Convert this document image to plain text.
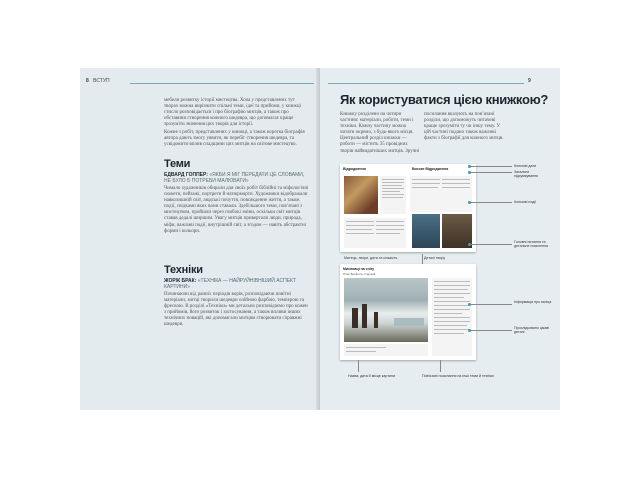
8 ВСТУП
мебели розвитку історії мистецтва. Хоча у представлених тут творах можна вирізнити спільні теми, ідеї та прийоми, у книжці стисло розповідається і про біографію митців, а також про обставини створення кожного шедевра, що допомагає краще зрозуміти значення цих творів для історії.
Кожне з робіт, представлених у книжці, а також коротка біографія автора дають змогу уявити, як перебіг створення шедевра, та усвідомити вплив спадщини цих митців на світове мистецтво.
Теми
ЕДВАРД ГОППЕР: «ЯКБИ Я МІГ ПЕРЕДАТИ ЦЕ СЛОВАМИ, НЕ БУЛО Б ПОТРЕБИ МАЛЮВАТИ»
Чимало художників обирали для своїх робіт біблійні та міфологічні сюжети, пейзажі, портрети й натюрморти. Художники відображали навколишній світ, людські почуття, повсякденне життя, а також події, свідками яких вони ставали. Здебільшого теми, пов’язані з мистецтвом, пройшли через глибокі зміни, оскільки світ митців ставав дедалі ширшим. Увагу митців привертали люди, природа, міфи, важливі події, внутрішній світ, а згодом — навіть абстрактні форми і кольори.
Техніки
ЖОРЖ БРАК: «ТЕХНІКА — НАЙРУЙНІВНІШИЙ АСПЕКТ КАРТИНИ»
Починаючи від ранніх періодів ворів, розповідаючи новітні матеріали, митці творили шедеври олійною фарбою, темперою та фрескою. В розділі «Техніки» ми детально розповідаємо про кожен з прийомів, його розвиток і застосування, а також впливи інших технічних новацій, які допомагали митцям створювати справжні шедеври.
9
Як користуватися цією книжкою?
Книжку розділено на чотири частини: матеріали, роботи, теми і техніки. Кожну частину можна читати окремо, з будь-якого місця. Центральний розділ книжки — роботи — містить 35 провідних творів найвидатніших митців. Зручні
посилання вказують на пов’язані розділи, що допоможуть читачеві краще зрозуміти ту чи іншу тему. У цій частині подано також важливі факти з біографії для кожного митця.
Відродження	Високе Відродження
Мисливці на снігу
Пітер Брейгель Старший
Ключові дати
Загальне підсумкування
Ключові події
Головні питання та детальне пояснення
Митець, твори, дати та кількість	Деталі твору
Інформація про митця
Прослідковано цікаві деталі
Назва, дата й місце картини	Пов’язані посилання на інші теми й техніки
